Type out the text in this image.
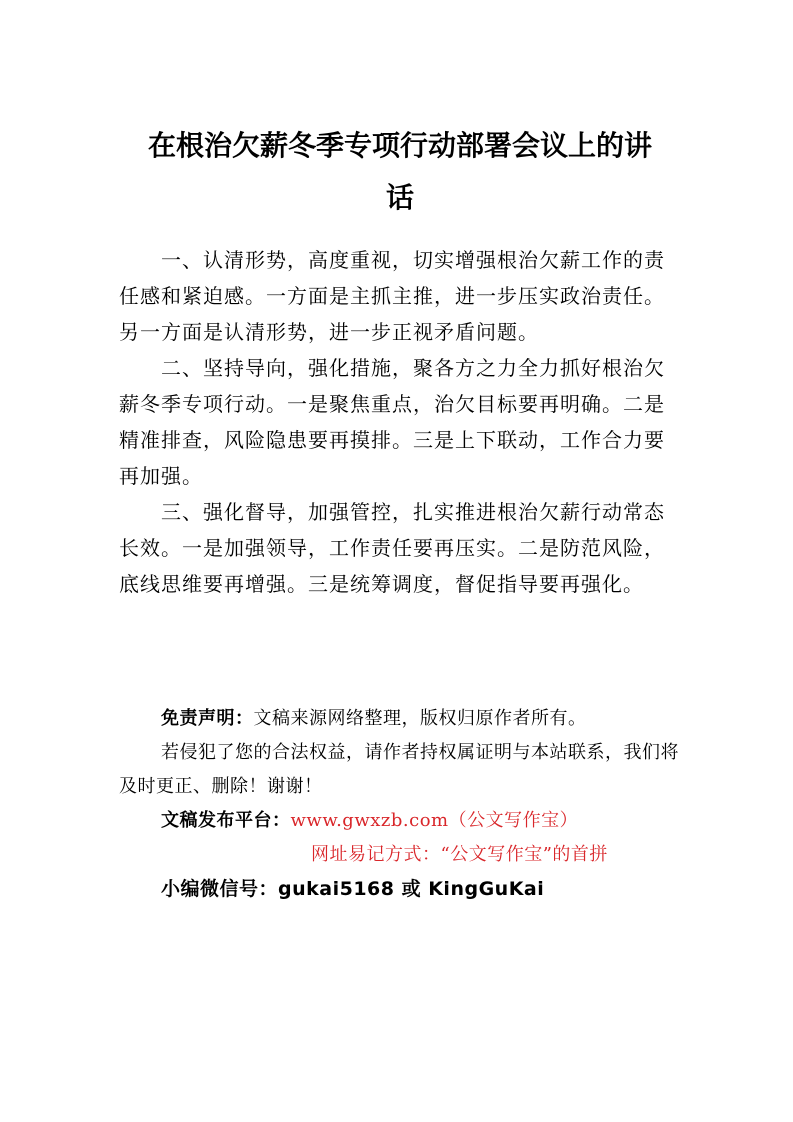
在根治欠薪冬季专项行动部署会议上的讲
话

一、认清形势，高度重视，切实增强根治欠薪工作的责任感和紧迫感。一方面是主抓主推，进一步压实政治责任。另一方面是认清形势，进一步正视矛盾问题。

二、坚持导向，强化措施，聚各方之力全力抓好根治欠薪冬季专项行动。一是聚焦重点，治欠目标要再明确。二是精准排查，风险隐患要再摸排。三是上下联动，工作合力要再加强。

三、强化督导，加强管控，扎实推进根治欠薪行动常态长效。一是加强领导，工作责任要再压实。二是防范风险，底线思维要再增强。三是统筹调度，督促指导要再强化。

免责声明：文稿来源网络整理，版权归原作者所有。

若侵犯了您的合法权益，请作者持权属证明与本站联系，我们将及时更正、删除！谢谢！

文稿发布平台：www.gwxzb.com（公文写作宝）

网址易记方式：“公文写作宝”的首拼

小编微信号：gukai5168 或 KingGuKai
